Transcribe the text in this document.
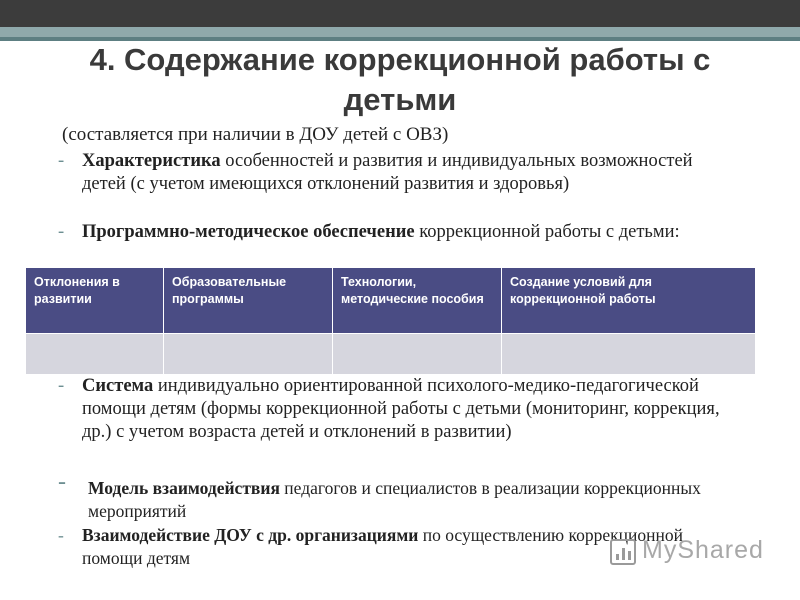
4. Содержание коррекционной работы с детьми
(составляется при наличии в ДОУ детей с ОВЗ)
- Характеристика особенностей и развития и индивидуальных возможностей детей (с учетом имеющихся отклонений развития и здоровья)
- Программно-методическое обеспечение коррекционной работы с детьми:
Отклонения в развитии	Образовательные программы	Технологии, методические пособия	Создание условий для коррекционной работы

- Система индивидуально ориентированной психолого-медико-педагогической помощи детям (формы коррекционной работы с детьми (мониторинг, коррекция, др.) с учетом возраста детей и отклонений в развитии)
- Модель взаимодействия педагогов и специалистов в реализации коррекционных мероприятий
- Взаимодействие ДОУ с др. организациями по осуществлению коррекционной помощи детям	MyShared
